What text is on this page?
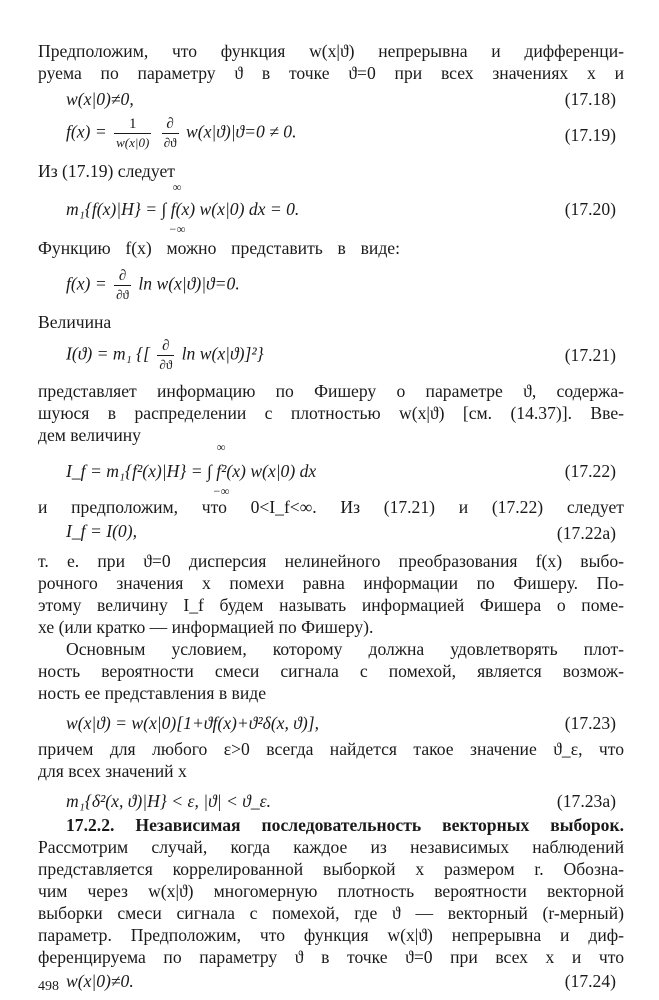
Предположим, что функция w(x|ϑ) непрерывна и дифференци-
руема по параметру ϑ в точке ϑ=0 при всех значениях x и
w(x|0)≠0,	(17.18)
$f(x) = \frac{1}{w(x|0)}$
$\frac{\partial}{\partial ϑ} w(x|ϑ)|ϑ=0 \ne 0$.	(17.19)
Из (17.19) следует
∞
−∞
m₁{f(x)|H} = ∫ f(x) w(x|0) dx = 0.	(17.20)
Функцию f(x) можно представить в виде:
$f(x) = \frac{\partial}{\partial ϑ}$ ln w(x|ϑ)|ϑ=0.
Величина
I(ϑ) = m₁ {[ $\frac{\partial}{\partial ϑ}$ ln w(x|ϑ)]²}	(17.21)
представляет информацию по Фишеру о параметре ϑ, содержа-
шуюся в распределении с плотностью w(x|ϑ) [см. (14.37)]. Вве-
дем величину
∞
−∞
I_f = m₁{f²(x)|H} = ∫ f²(x) w(x|0) dx	(17.22)
и предположим, что 0<I_f<∞. Из (17.21) и (17.22) следует
I_f = I(0),	(17.22a)
т. е. при ϑ=0 дисперсия нелинейного преобразования f(x) выбо-
рочного значения x помехи равна информации по Фишеру. По-
этому величину I_f будем называть информацией Фишера о поме-
хе (или кратко — информацией по Фишеру).
Основным условием, которому должна удовлетворять плот-
ность вероятности смеси сигнала с помехой, является возмож-
ность ее представления в виде
w(x|ϑ) = w(x|0)[1+ϑf(x)+ϑ²δ(x, ϑ)],	(17.23)
причем для любого ε>0 всегда найдется такое значение ϑ_ε, что
для всех значений x
m₁{δ²(x, ϑ)|H} < ε, |ϑ| < ϑ_ε.	(17.23a)
17.2.2. Независимая последовательность векторных выборок.
Рассмотрим случай, когда каждое из независимых наблюдений
представляется коррелированной выборкой x размером r. Обозна-
чим через w(x|ϑ) многомерную плотность вероятности векторной
выборки смеси сигнала с помехой, где ϑ — векторный (r-мерный)
параметр. Предположим, что функция w(x|ϑ) непрерывна и диф-
ференцируема по параметру ϑ в точке ϑ=0 при всех x и что
w(x|0)≠0.	(17.24)
498
